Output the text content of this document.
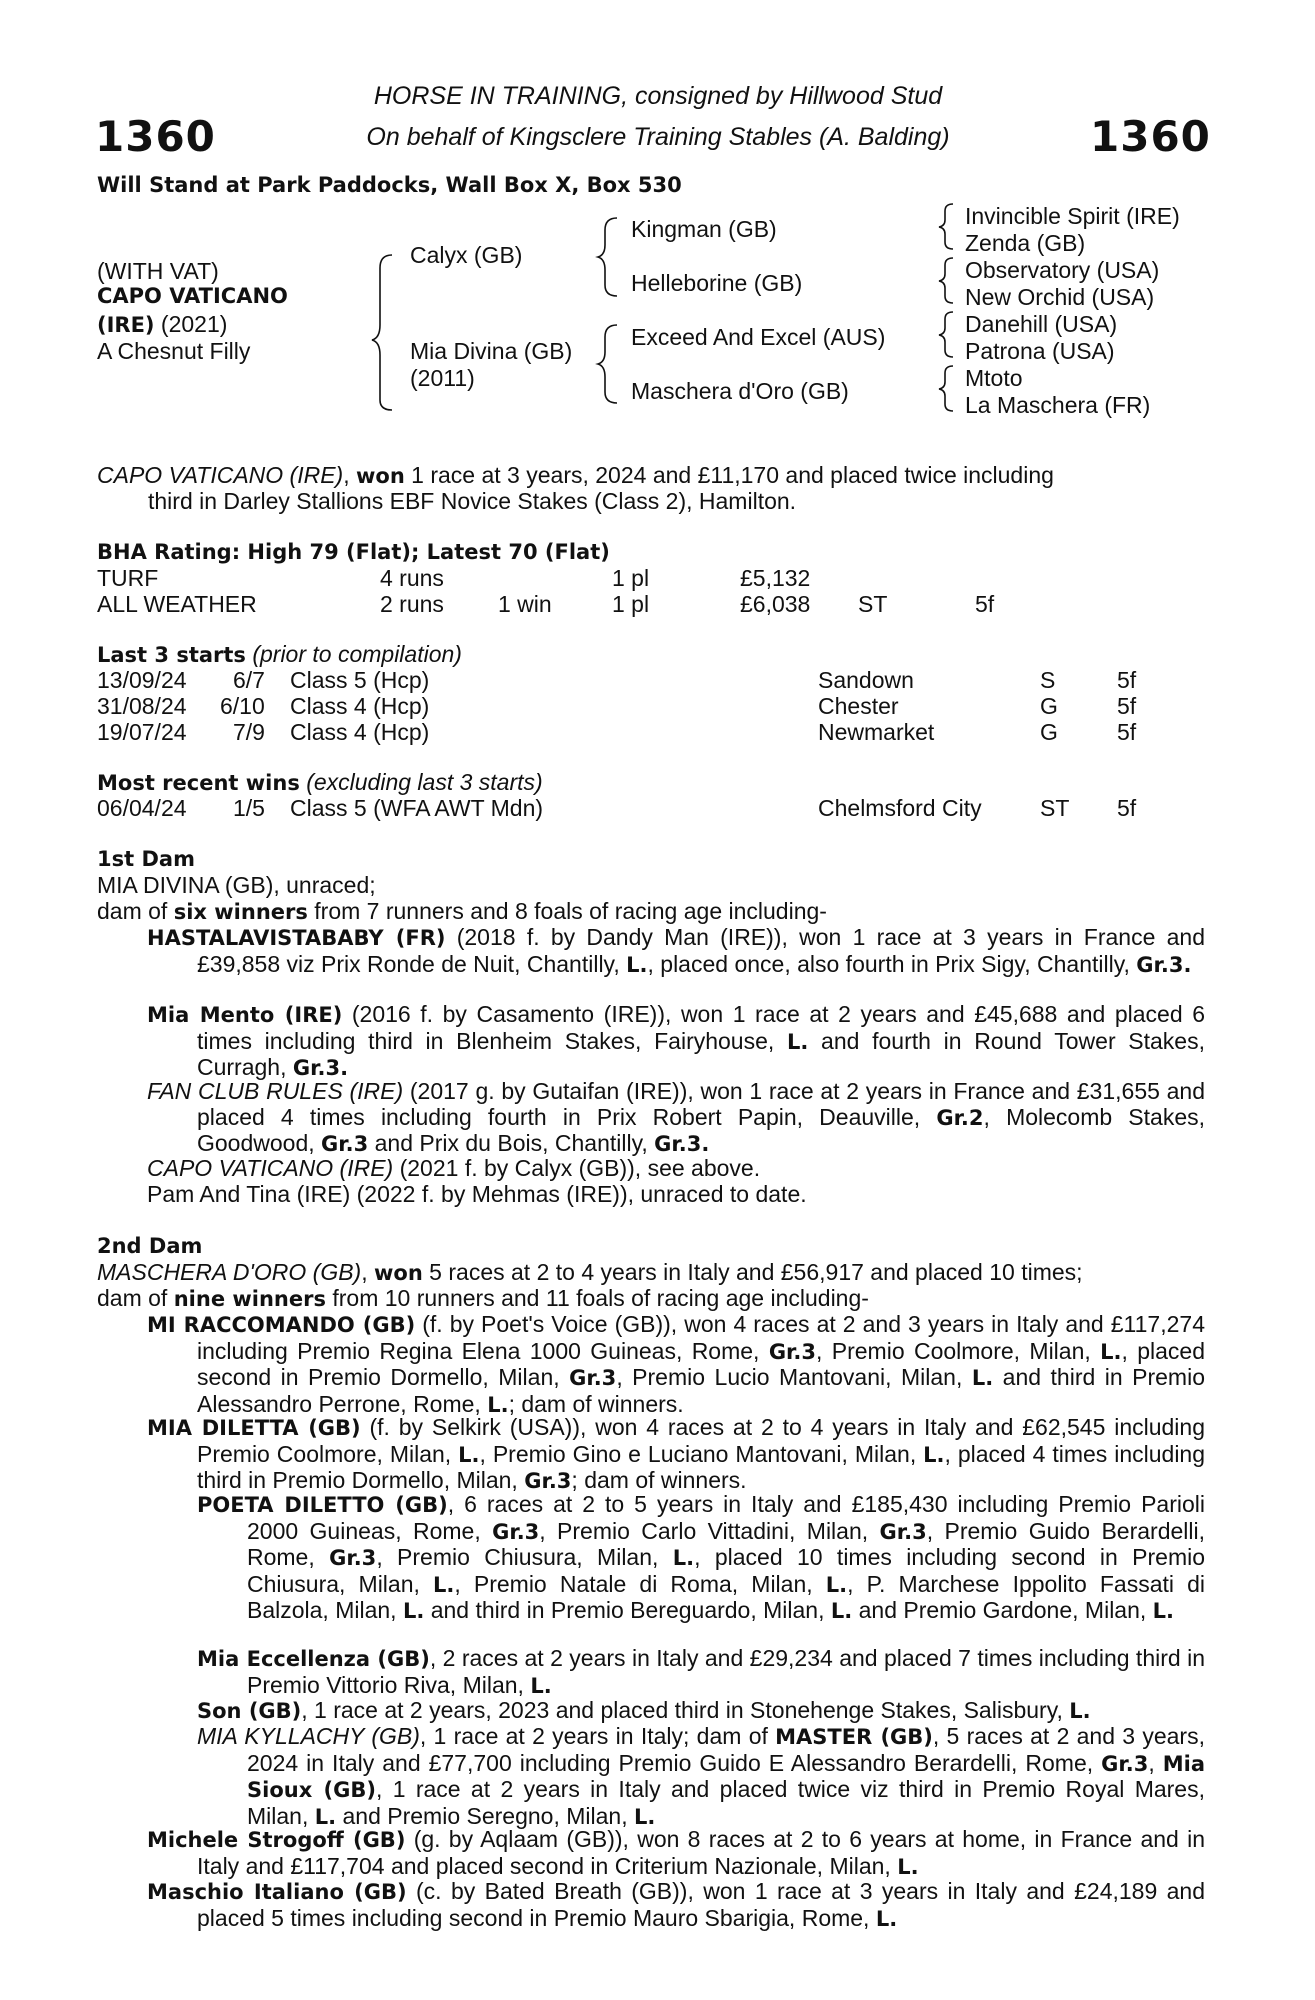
1360	1360
HORSE IN TRAINING, consigned by Hillwood Stud
On behalf of Kingsclere Training Stables (A. Balding)
Will Stand at Park Paddocks, Wall Box X, Box 530
(WITH VAT)
CAPO VATICANO
(IRE) (2021)
A Chesnut Filly
Calyx (GB)
Mia Divina (GB)
(2011)
Kingman (GB)
Helleborine (GB)
Exceed And Excel (AUS)
Maschera d'Oro (GB)
Invincible Spirit (IRE)
Zenda (GB)
Observatory (USA)
New Orchid (USA)
Danehill (USA)
Patrona (USA)
Mtoto
La Maschera (FR)
CAPO VATICANO (IRE), won 1 race at 3 years, 2024 and £11,170 and placed twice including
third in Darley Stallions EBF Novice Stakes (Class 2), Hamilton.
BHA Rating: High 79 (Flat); Latest 70 (Flat)
TURF	4 runs	1 pl	£5,132
ALL WEATHER	2 runs 1 win	1 pl	£6,038 ST	5f
Last 3 starts (prior to compilation)
13/09/24 6/7 Class 5 (Hcp)	Sandown	S	5f
31/08/24 6/10 Class 4 (Hcp)	Chester	G	5f
19/07/24 7/9 Class 4 (Hcp)	Newmarket	G	5f
Most recent wins (excluding last 3 starts)
06/04/24 1/5 Class 5 (WFA AWT Mdn)	Chelmsford City	ST 5f
1st Dam
MIA DIVINA (GB), unraced;
dam of six winners from 7 runners and 8 foals of racing age including-
HASTALAVISTABABY (FR) (2018 f. by Dandy Man (IRE)), won 1 race at 3 years in France and £39,858 viz Prix Ronde de Nuit, Chantilly, L., placed once, also fourth in Prix Sigy, Chantilly, Gr.3.
Mia Mento (IRE) (2016 f. by Casamento (IRE)), won 1 race at 2 years and £45,688 and placed 6 times including third in Blenheim Stakes, Fairyhouse, L. and fourth in Round Tower Stakes, Curragh, Gr.3.
FAN CLUB RULES (IRE) (2017 g. by Gutaifan (IRE)), won 1 race at 2 years in France and £31,655 and placed 4 times including fourth in Prix Robert Papin, Deauville, Gr.2, Molecomb Stakes, Goodwood, Gr.3 and Prix du Bois, Chantilly, Gr.3.
CAPO VATICANO (IRE) (2021 f. by Calyx (GB)), see above.
Pam And Tina (IRE) (2022 f. by Mehmas (IRE)), unraced to date.
2nd Dam
MASCHERA D'ORO (GB), won 5 races at 2 to 4 years in Italy and £56,917 and placed 10 times;
dam of nine winners from 10 runners and 11 foals of racing age including-
MI RACCOMANDO (GB) (f. by Poet's Voice (GB)), won 4 races at 2 and 3 years in Italy and £117,274 including Premio Regina Elena 1000 Guineas, Rome, Gr.3, Premio Coolmore, Milan, L., placed second in Premio Dormello, Milan, Gr.3, Premio Lucio Mantovani, Milan, L. and third in Premio Alessandro Perrone, Rome, L.; dam of winners.
MIA DILETTA (GB) (f. by Selkirk (USA)), won 4 races at 2 to 4 years in Italy and £62,545 including Premio Coolmore, Milan, L., Premio Gino e Luciano Mantovani, Milan, L., placed 4 times including third in Premio Dormello, Milan, Gr.3; dam of winners.
POETA DILETTO (GB), 6 races at 2 to 5 years in Italy and £185,430 including Premio Parioli 2000 Guineas, Rome, Gr.3, Premio Carlo Vittadini, Milan, Gr.3, Premio Guido Berardelli, Rome, Gr.3, Premio Chiusura, Milan, L., placed 10 times including second in Premio Chiusura, Milan, L., Premio Natale di Roma, Milan, L., P. Marchese Ippolito Fassati di Balzola, Milan, L. and third in Premio Bereguardo, Milan, L. and Premio Gardone, Milan, L.
Mia Eccellenza (GB), 2 races at 2 years in Italy and £29,234 and placed 7 times including third in Premio Vittorio Riva, Milan, L.
Son (GB), 1 race at 2 years, 2023 and placed third in Stonehenge Stakes, Salisbury, L.
MIA KYLLACHY (GB), 1 race at 2 years in Italy; dam of MASTER (GB), 5 races at 2 and 3 years, 2024 in Italy and £77,700 including Premio Guido E Alessandro Berardelli, Rome, Gr.3, Mia Sioux (GB), 1 race at 2 years in Italy and placed twice viz third in Premio Royal Mares, Milan, L. and Premio Seregno, Milan, L.
Michele Strogoff (GB) (g. by Aqlaam (GB)), won 8 races at 2 to 6 years at home, in France and in Italy and £117,704 and placed second in Criterium Nazionale, Milan, L.
Maschio Italiano (GB) (c. by Bated Breath (GB)), won 1 race at 3 years in Italy and £24,189 and placed 5 times including second in Premio Mauro Sbarigia, Rome, L.
